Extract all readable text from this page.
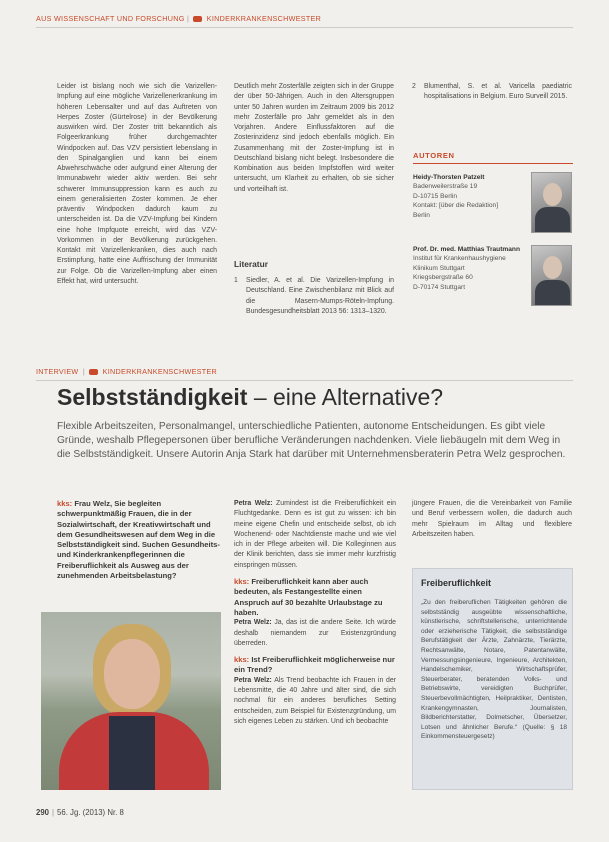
AUS WISSENSCHAFT UND FORSCHUNG | KINDERKRANKENSCHWESTER
Leider ist bislang noch wie sich die Varizellen-Impfung auf eine mögliche Varizellenerkrankung im höheren Lebensalter und auf das Auftreten von Herpes Zoster (Gürtelrose) in der Bevölkerung auswirken wird. Der Zoster tritt bekanntlich als Folgeerkrankung früher durchgemachter Windpocken auf. Das VZV persistiert lebenslang in den Spinalganglien und kann bei einem Abwehrschwäche oder aufgrund einer Alterung der Immunabwehr wieder aktiv werden. Bei sehr schwerer Immunsuppression kann es auch zu einem generalisierten Zoster kommen. Je eher präventiv Windpocken dadurch kaum zu unterscheiden ist. Da die VZV-Impfung bei Kindern eine hohe Impfquote erreicht, wird das VZV-Vorkommen in der Bevölkerung zurückgehen. Kontakt mit Varizellenkranken, dies auch nach Erstimpfung, hatte eine Auffrischung der Immunität zur Folge. Ob die Varizellen-Impfung aber einen Effekt hat, wird untersucht.
Deutlich mehr Zosterfälle zeigten sich in der Gruppe der über 50-Jährigen. Auch in den Altersgruppen unter 50 Jahren wurden im Zeitraum 2009 bis 2012 mehr Zosterfälle pro Jahr gemeldet als in den Vorjahren. Andere Einflussfaktoren auf die Zosterinzidenz sind jedoch ebenfalls möglich. Ein Zusammenhang mit der Zoster-Impfung ist in Deutschland bislang nicht belegt. Insbesondere die Kombination aus beiden Impfstoffen wird weiter untersucht, um Klarheit zu erhalten, ob sie sicher und vorteilhaft ist.
Literatur
1	Siedler, A. et al. Die Varizellen-Impfung in Deutschland. Eine Zwischenbilanz mit Blick auf die Masern-Mumps-Röteln-Impfung. Bundesgesundheitsblatt 2013 56: 1313–1320.
2	Blumenthal, S. et al. Varicella paediatric hospitalisations in Belgium. Euro Surveill 2015.
AUTOREN
Heidy-Thorsten Patzelt
Badenweilerstraße 19
D-10715 Berlin
Kontakt: [über die Redaktion]
Berlin
Prof. Dr. med. Matthias Trautmann
Institut für Krankenhaushygiene
Klinikum Stuttgart
Kriegsbergstraße 60
D-70174 Stuttgart
INTERVIEW | KINDERKRANKENSCHWESTER
Selbstständigkeit – eine Alternative?

Flexible Arbeitszeiten, Personalmangel, unterschiedliche Patienten, autonome Entscheidungen. Es gibt viele Gründe, weshalb Pflegepersonen über berufliche Veränderungen nachdenken. Viele liebäugeln mit dem Weg in die Selbstständigkeit. Unsere Autorin Anja Stark hat darüber mit Unternehmensberaterin Petra Welz gesprochen.

kks: Frau Welz, Sie begleiten schwerpunktmäßig Frauen, die in der Sozialwirtschaft, der Kreativwirtschaft und dem Gesundheitswesen auf dem Weg in die Selbstständigkeit sind. Suchen Gesundheits- und Kinderkrankenpflegerinnen die Freiberuflichkeit als Ausweg aus der zunehmenden Arbeitsbelastung?

Petra Welz: Zumindest ist die Freiberuflichkeit ein Fluchtgedanke. Denn es ist gut zu wissen: ich bin meine eigene Chefin und entscheide selbst, ob ich Wochenend- oder Nachtdienste mache und wie viel ich in der Pflege arbeiten will. Die Kolleginnen aus der Klinik berichten, dass sie immer mehr kurzfristig einspringen müssen.

kks: Freiberuflichkeit kann aber auch bedeuten, als Festangestellte einen Anspruch auf 30 bezahlte Urlaubstage zu haben.

Petra Welz: Ja, das ist die andere Seite. Ich würde deshalb niemandem zur Existenzgründung überreden.

kks: Ist Freiberuflichkeit möglicherweise nur ein Trend?

Petra Welz: Als Trend beobachte ich Frauen in der Lebensmitte, die 40 Jahre und älter sind, die sich nochmal für ein anderes berufliches Setting entscheiden, zum Beispiel für Existenzgründung, um sich eigenes Leben zu stärken. Und ich beobachte

jüngere Frauen, die die Vereinbarkeit von Familie und Beruf verbessern wollen, die dadurch auch mehr Spielraum im Alltag und flexiblere Arbeitszeiten haben.

Freiberuflichkeit
„Zu den freiberuflichen Tätigkeiten gehören die selbstständig ausgeübte wissenschaftliche, künstlerische, schriftstellerische, unterrichtende oder erzieherische Tätigkeit, die selbstständige Berufstätigkeit der Ärzte, Zahnärzte, Tierärzte, Rechtsanwälte, Notare, Patentanwälte, Vermessungsingenieure, Ingenieure, Architekten, Handelschemiker, Wirtschaftsprüfer, Steuerberater, beratenden Volks- und Betriebswirte, vereidigten Buchprüfer, Steuerbevollmächtigten, Heilpraktiker, Dentisten, Krankengymnasten, Journalisten, Bildberichterstatter, Dolmetscher, Übersetzer, Lotsen und ähnlicher Berufe.“ (Quelle: § 18 Einkommensteuergesetz)
290 | 56. Jg. (2013) Nr. 8
